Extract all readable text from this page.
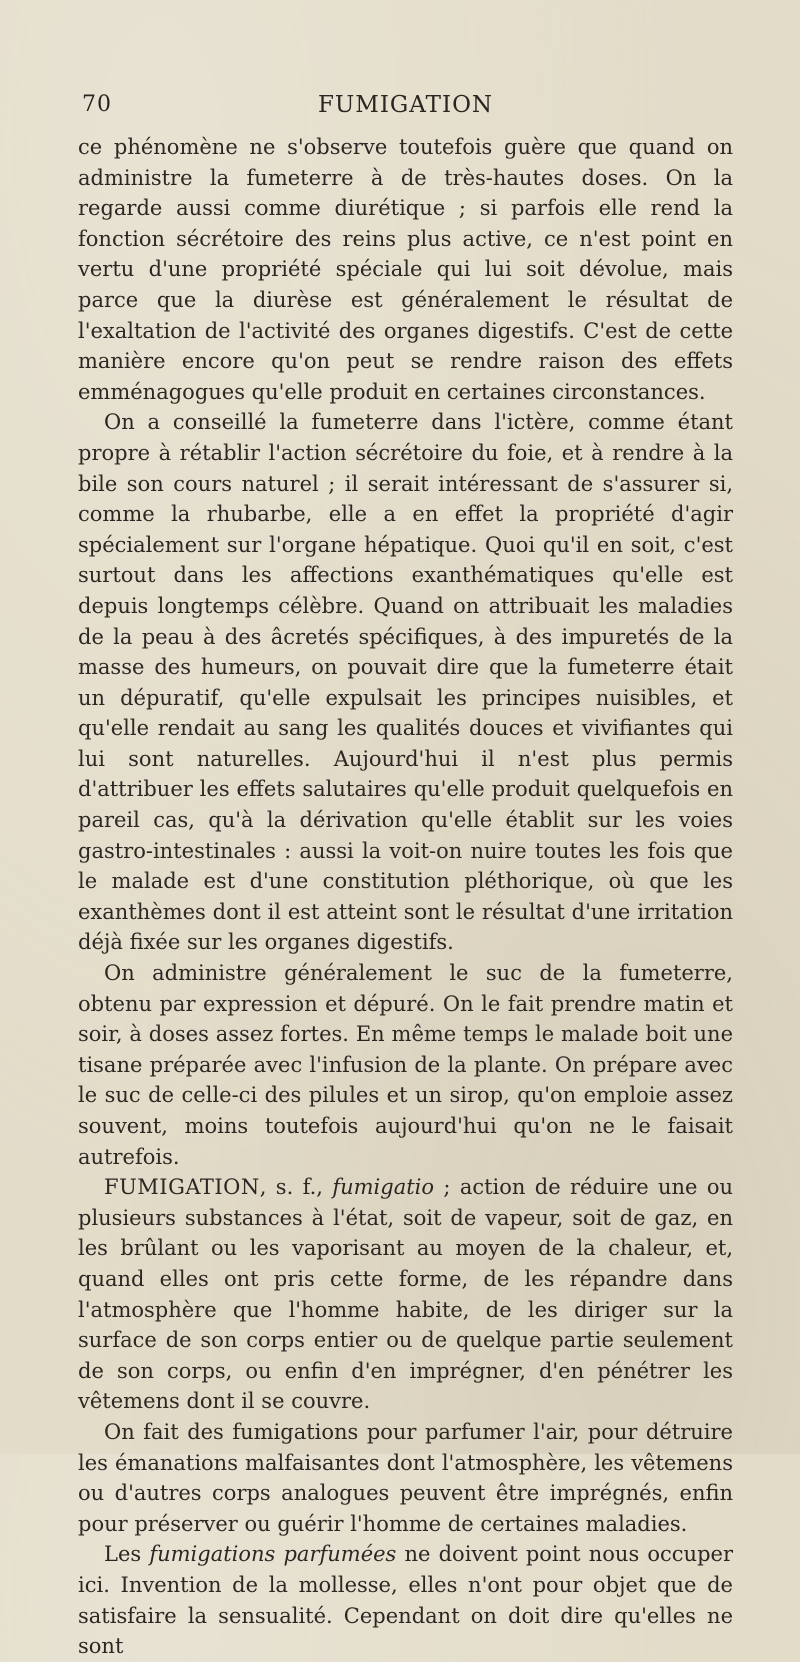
70	FUMIGATION

ce phénomène ne s'observe toutefois guère que quand on administre la fumeterre à de très-hautes doses. On la regarde aussi comme diurétique ; si parfois elle rend la fonction sécrétoire des reins plus active, ce n'est point en vertu d'une propriété spéciale qui lui soit dévolue, mais parce que la diurèse est généralement le résultat de l'exaltation de l'activité des organes digestifs. C'est de cette manière encore qu'on peut se rendre raison des effets emménagogues qu'elle produit en certaines circonstances.

On a conseillé la fumeterre dans l'ictère, comme étant propre à rétablir l'action sécrétoire du foie, et à rendre à la bile son cours naturel ; il serait intéressant de s'assurer si, comme la rhubarbe, elle a en effet la propriété d'agir spécialement sur l'organe hépatique. Quoi qu'il en soit, c'est surtout dans les affections exanthématiques qu'elle est depuis longtemps célèbre. Quand on attribuait les maladies de la peau à des âcretés spécifiques, à des impuretés de la masse des humeurs, on pouvait dire que la fumeterre était un dépuratif, qu'elle expulsait les principes nuisibles, et qu'elle rendait au sang les qualités douces et vivifiantes qui lui sont naturelles. Aujourd'hui il n'est plus permis d'attribuer les effets salutaires qu'elle produit quelquefois en pareil cas, qu'à la dérivation qu'elle établit sur les voies gastro-intestinales : aussi la voit-on nuire toutes les fois que le malade est d'une constitution pléthorique, où que les exanthèmes dont il est atteint sont le résultat d'une irritation déjà fixée sur les organes digestifs.

On administre généralement le suc de la fumeterre, obtenu par expression et dépuré. On le fait prendre matin et soir, à doses assez fortes. En même temps le malade boit une tisane préparée avec l'infusion de la plante. On prépare avec le suc de celle-ci des pilules et un sirop, qu'on emploie assez souvent, moins toutefois aujourd'hui qu'on ne le faisait autrefois.

FUMIGATION, s. f., fumigatio ; action de réduire une ou plusieurs substances à l'état, soit de vapeur, soit de gaz, en les brûlant ou les vaporisant au moyen de la chaleur, et, quand elles ont pris cette forme, de les répandre dans l'atmosphère que l'homme habite, de les diriger sur la surface de son corps entier ou de quelque partie seulement de son corps, ou enfin d'en imprégner, d'en pénétrer les vêtemens dont il se couvre.

On fait des fumigations pour parfumer l'air, pour détruire les émanations malfaisantes dont l'atmosphère, les vêtemens ou d'autres corps analogues peuvent être imprégnés, enfin pour préserver ou guérir l'homme de certaines maladies.

Les fumigations parfumées ne doivent point nous occuper ici. Invention de la mollesse, elles n'ont pour objet que de satisfaire la sensualité. Cependant on doit dire qu'elles ne sont
